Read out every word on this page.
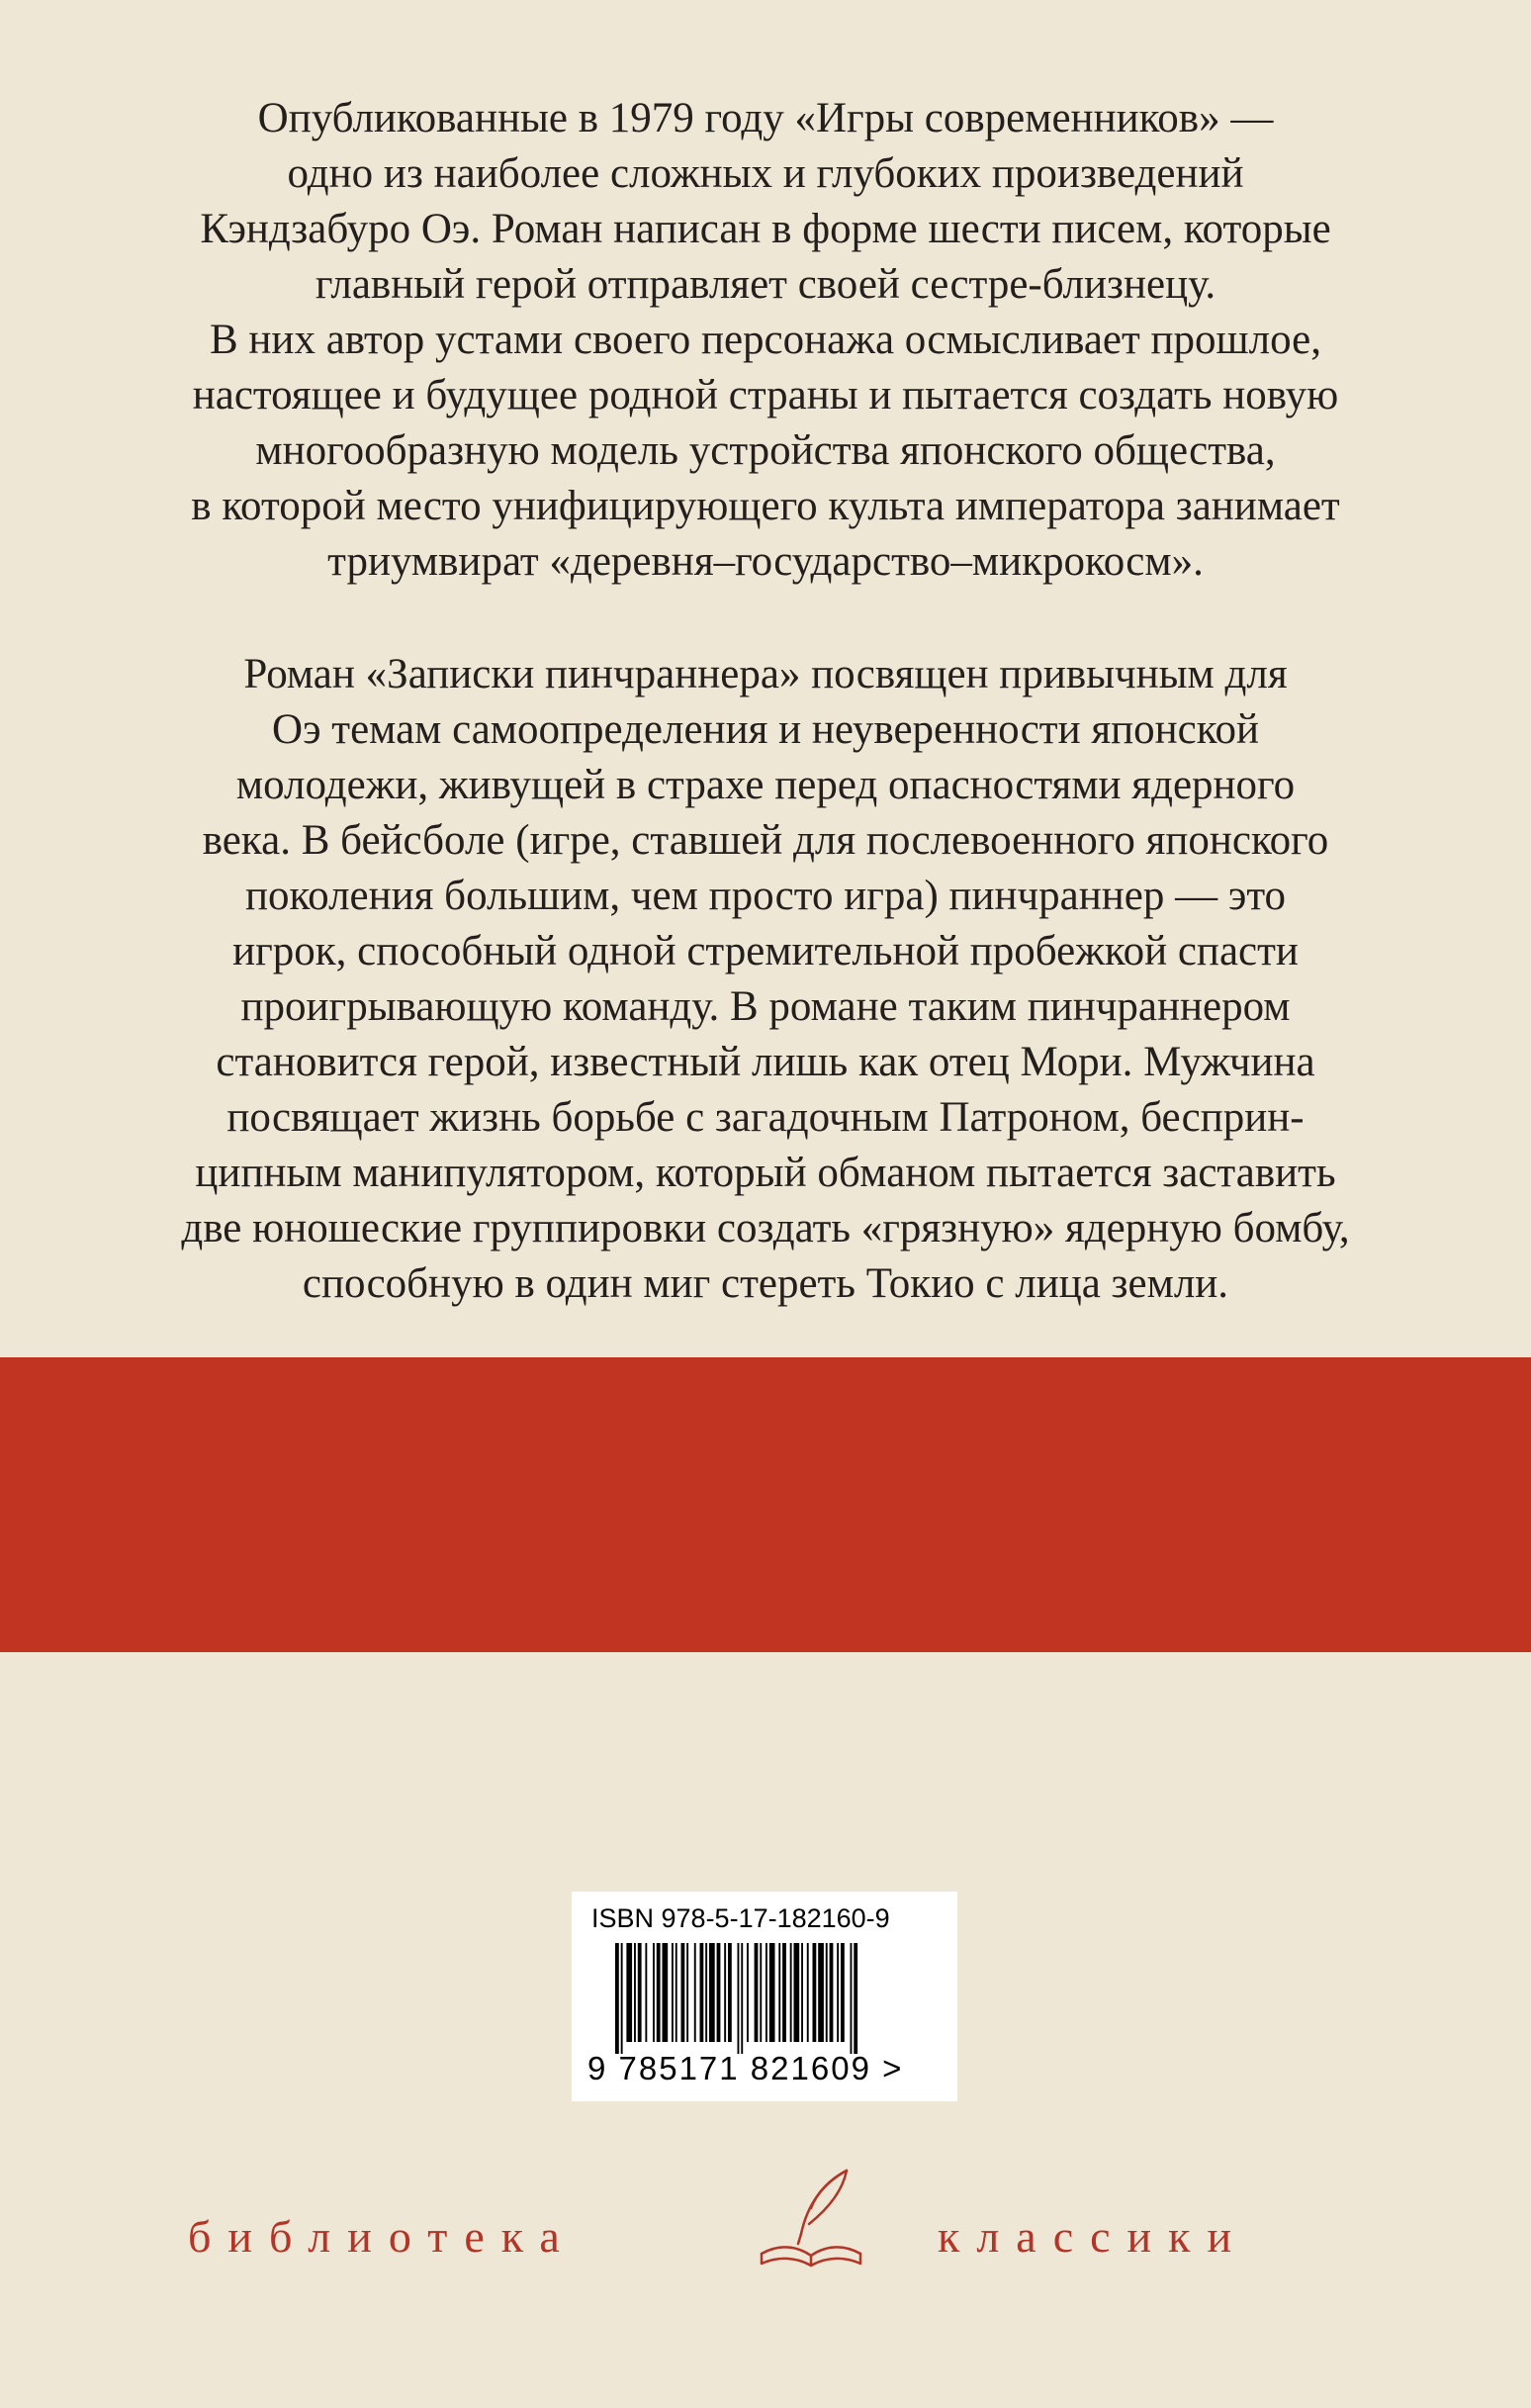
Опубликованные в 1979 году «Игры современников» —
одно из наиболее сложных и глубоких произведений
Кэндзабуро Оэ. Роман написан в форме шести писем, которые
главный герой отправляет своей сестре-близнецу.
В них автор устами своего персонажа осмысливает прошлое,
настоящее и будущее родной страны и пытается создать новую
многообразную модель устройства японского общества,
в которой место унифицирующего культа императора занимает
триумвират «деревня–государство–микрокосм».
Роман «Записки пинчраннера» посвящен привычным для
Оэ темам самоопределения и неуверенности японской
молодежи, живущей в страхе перед опасностями ядерного
века. В бейсболе (игре, ставшей для послевоенного японского
поколения большим, чем просто игра) пинчраннер — это
игрок, способный одной стремительной пробежкой спасти
проигрывающую команду. В романе таким пинчраннером
становится герой, известный лишь как отец Мори. Мужчина
посвящает жизнь борьбе с загадочным Патроном, бесприн-
ципным манипулятором, который обманом пытается заставить
две юношеские группировки создать «грязную» ядерную бомбу,
способную в один миг стереть Токио с лица земли.
ISBN 978-5-17-182160-9
9 785171 821609 >
библиотека	классики
